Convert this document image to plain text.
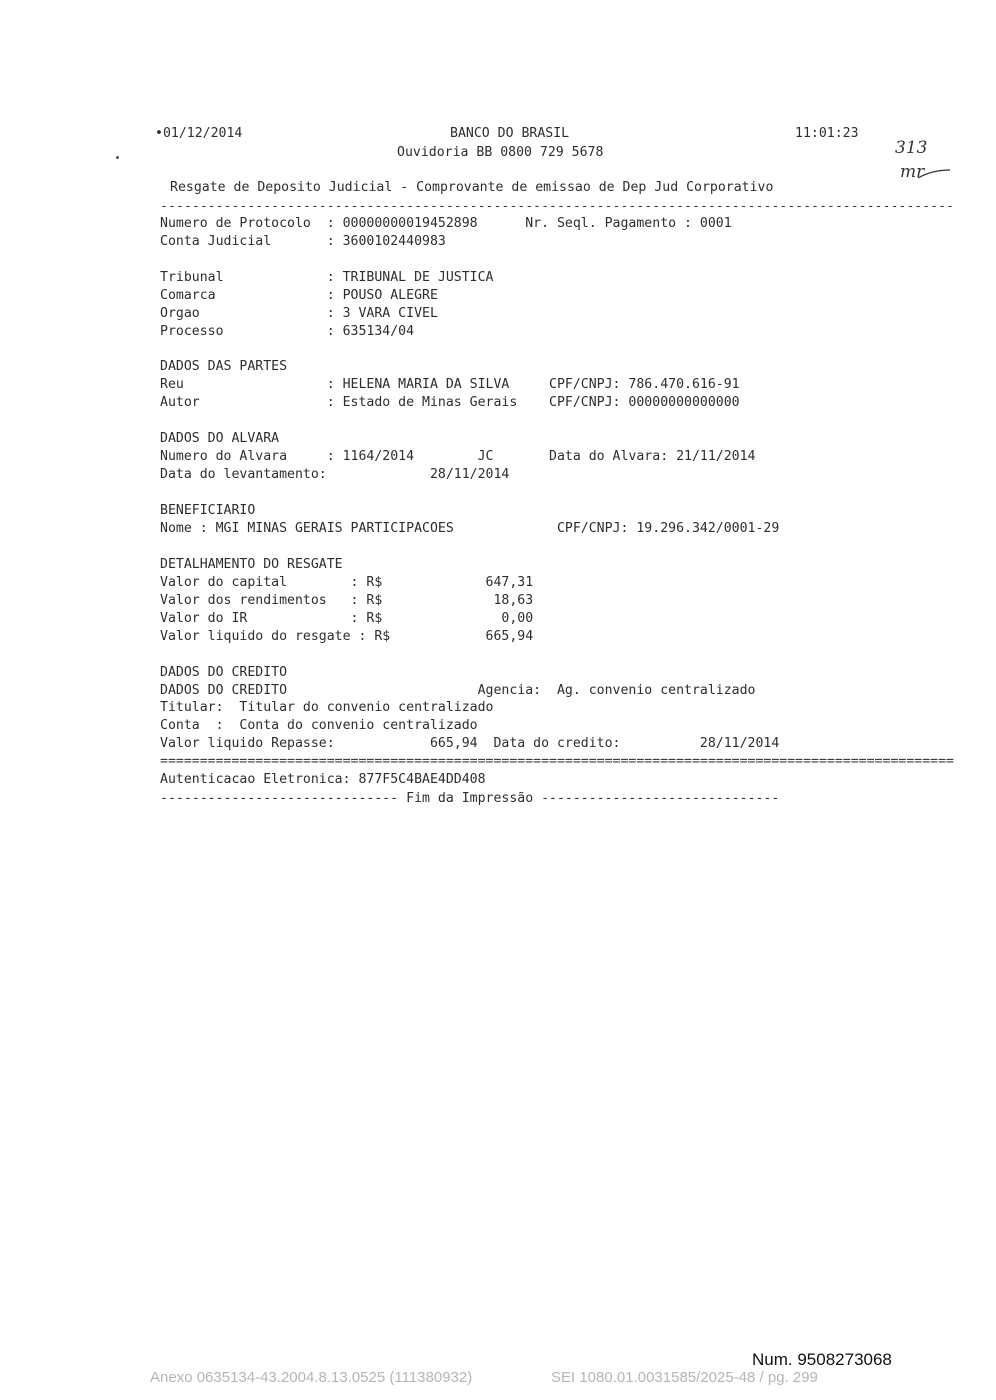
•01/12/2014	BANCO DO BRASIL	11:01:23
Ouvidoria BB 0800 729 5678	313
mr
Resgate de Deposito Judicial - Comprovante de emissao de Dep Jud Corporativo
----------------------------------------------------------------------------------------------------
Numero de Protocolo  : 00000000019452898      Nr. Seql. Pagamento : 0001
Conta Judicial       : 3600102440983
Tribunal             : TRIBUNAL DE JUSTICA
Comarca              : POUSO ALEGRE
Orgao                : 3 VARA CIVEL
Processo             : 635134/04
DADOS DAS PARTES
Reu                  : HELENA MARIA DA SILVA     CPF/CNPJ: 786.470.616-91
Autor                : Estado de Minas Gerais    CPF/CNPJ: 00000000000000
DADOS DO ALVARA
Numero do Alvara     : 1164/2014        JC       Data do Alvara: 21/11/2014
Data do levantamento:             28/11/2014
BENEFICIARIO
Nome : MGI MINAS GERAIS PARTICIPACOES             CPF/CNPJ: 19.296.342/0001-29
DETALHAMENTO DO RESGATE
Valor do capital        : R$             647,31
Valor dos rendimentos   : R$              18,63
Valor do IR             : R$               0,00
Valor liquido do resgate : R$            665,94
DADOS DO CREDITO
DADOS DO CREDITO                        Agencia:  Ag. convenio centralizado
Titular:  Titular do convenio centralizado
Conta  :  Conta do convenio centralizado
Valor liquido Repasse:            665,94  Data do credito:          28/11/2014
====================================================================================================
Autenticacao Eletronica: 877F5C4BAE4DD408
------------------------------ Fim da Impressão ------------------------------
Num. 9508273068
Anexo 0635134-43.2004.8.13.0525 (111380932)	SEI 1080.01.0031585/2025-48 / pg. 299
